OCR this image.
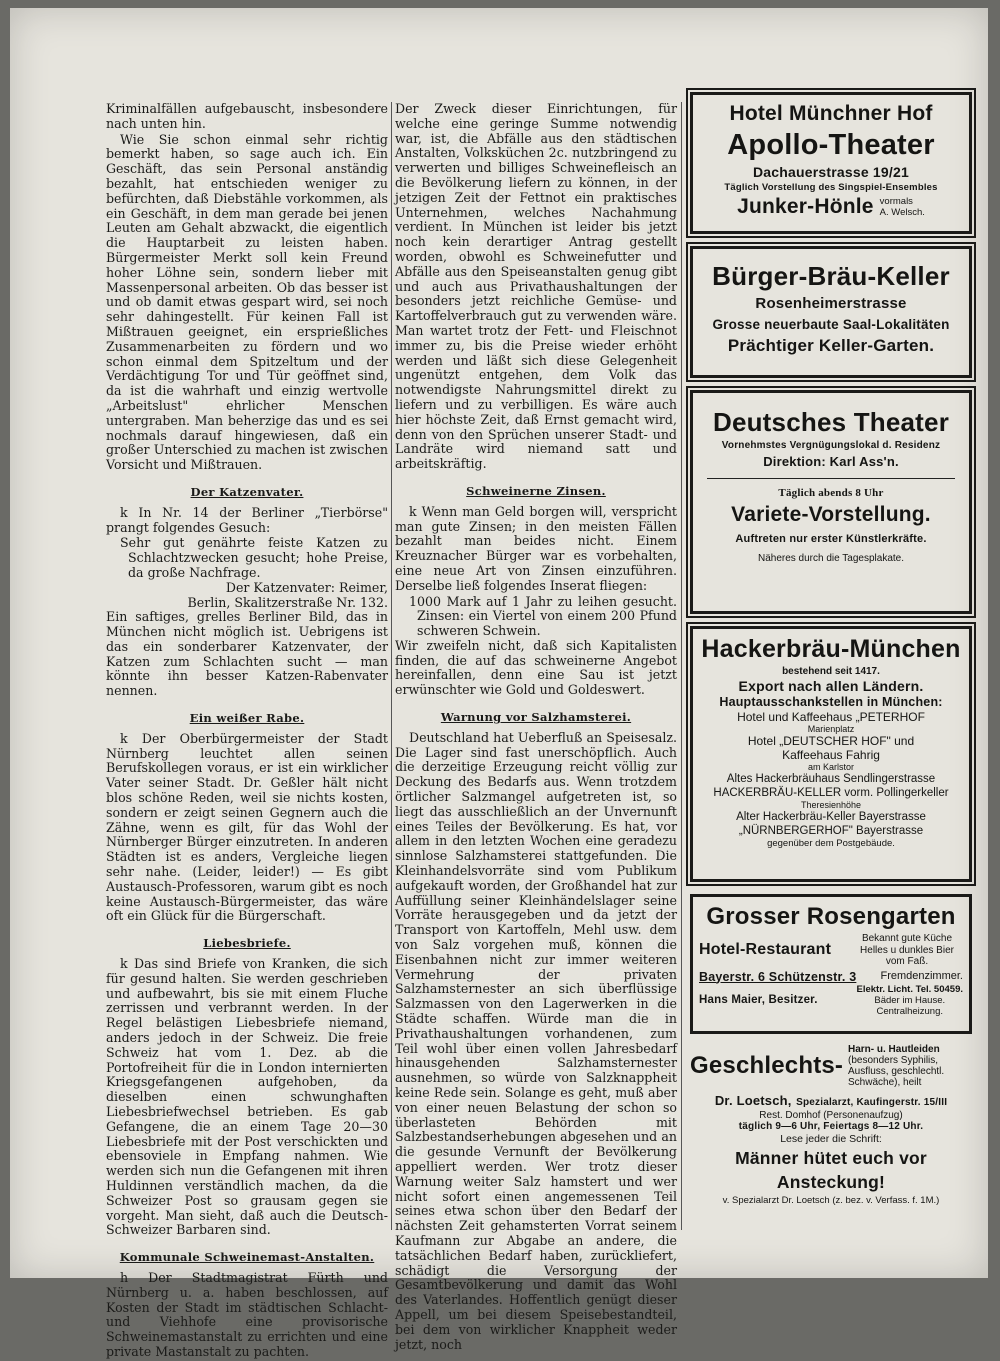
Kriminalfällen aufgebauscht, insbesondere nach unten hin.

Wie Sie schon einmal sehr richtig bemerkt haben, so sage auch ich. Ein Geschäft, das sein Personal anständig bezahlt, hat entschieden weniger zu befürchten, daß Diebstähle vorkommen, als ein Geschäft, in dem man gerade bei jenen Leuten am Gehalt abzwackt, die eigentlich die Hauptarbeit zu leisten haben. Bürgermeister Merkt soll kein Freund hoher Löhne sein, sondern lieber mit Massenpersonal arbeiten. Ob das besser ist und ob damit etwas gespart wird, sei noch sehr dahingestellt. Für keinen Fall ist Mißtrauen geeignet, ein ersprießliches Zusammenarbeiten zu fördern und wo schon einmal dem Spitzeltum und der Verdächtigung Tor und Tür geöffnet sind, da ist die wahrhaft und einzig wertvolle „Arbeitslust" ehrlicher Menschen untergraben. Man beherzige das und es sei nochmals darauf hingewiesen, daß ein großer Unterschied zu machen ist zwischen Vorsicht und Mißtrauen.

Der Katzenvater.

k In Nr. 14 der Berliner „Tierbörse" prangt folgendes Gesuch:

Sehr gut genährte feiste Katzen zu Schlachtzwecken gesucht; hohe Preise, da große Nachfrage.

Der Katzenvater: Reimer,

Berlin, Skalitzerstraße Nr. 132.

Ein saftiges, grelles Berliner Bild, das in München nicht möglich ist. Uebrigens ist das ein sonderbarer Katzenvater, der Katzen zum Schlachten sucht — man könnte ihn besser Katzen-Rabenvater nennen.

Ein weißer Rabe.

k Der Oberbürgermeister der Stadt Nürnberg leuchtet allen seinen Berufskollegen voraus, er ist ein wirklicher Vater seiner Stadt. Dr. Geßler hält nicht blos schöne Reden, weil sie nichts kosten, sondern er zeigt seinen Gegnern auch die Zähne, wenn es gilt, für das Wohl der Nürnberger Bürger einzutreten. In anderen Städten ist es anders, Vergleiche liegen sehr nahe. (Leider, leider!) — Es gibt Austausch-Professoren, warum gibt es noch keine Austausch-Bürgermeister, das wäre oft ein Glück für die Bürgerschaft.

Liebesbriefe.

k Das sind Briefe von Kranken, die sich für gesund halten. Sie werden geschrieben und aufbewahrt, bis sie mit einem Fluche zerrissen und verbrannt werden. In der Regel belästigen Liebesbriefe niemand, anders jedoch in der Schweiz. Die freie Schweiz hat vom 1. Dez. ab die Portofreiheit für die in London internierten Kriegsgefangenen aufgehoben, da dieselben einen schwunghaften Liebesbriefwechsel betrieben. Es gab Gefangene, die an einem Tage 20—30 Liebesbriefe mit der Post verschickten und ebensoviele in Empfang nahmen. Wie werden sich nun die Gefangenen mit ihren Huldinnen verständlich machen, da die Schweizer Post so grausam gegen sie vorgeht. Man sieht, daß auch die Deutsch-Schweizer Barbaren sind.

Kommunale Schweinemast-Anstalten.

h Der Stadtmagistrat Fürth und Nürnberg u. a. haben beschlossen, auf Kosten der Stadt im städtischen Schlacht- und Viehhofe eine provisorische Schweinemastanstalt zu errichten und eine private Mastanstalt zu pachten.

Der Zweck dieser Einrichtungen, für welche eine geringe Summe notwendig war, ist, die Abfälle aus den städtischen Anstalten, Volksküchen 2c. nutzbringend zu verwerten und billiges Schweinefleisch an die Bevölkerung liefern zu können, in der jetzigen Zeit der Fettnot ein praktisches Unternehmen, welches Nachahmung verdient. In München ist leider bis jetzt noch kein derartiger Antrag gestellt worden, obwohl es Schweinefutter und Abfälle aus den Speiseanstalten genug gibt und auch aus Privathaushaltungen der besonders jetzt reichliche Gemüse- und Kartoffelverbrauch gut zu verwenden wäre. Man wartet trotz der Fett- und Fleischnot immer zu, bis die Preise wieder erhöht werden und läßt sich diese Gelegenheit ungenützt entgehen, dem Volk das notwendigste Nahrungsmittel direkt zu liefern und zu verbilligen. Es wäre auch hier höchste Zeit, daß Ernst gemacht wird, denn von den Sprüchen unserer Stadt- und Landräte wird niemand satt und arbeitskräftig.

Schweinerne Zinsen.

k Wenn man Geld borgen will, verspricht man gute Zinsen; in den meisten Fällen bezahlt man beides nicht. Einem Kreuznacher Bürger war es vorbehalten, eine neue Art von Zinsen einzuführen. Derselbe ließ folgendes Inserat fliegen:

1000 Mark auf 1 Jahr zu leihen gesucht. Zinsen: ein Viertel von einem 200 Pfund schweren Schwein.

Wir zweifeln nicht, daß sich Kapitalisten finden, die auf das schweinerne Angebot hereinfallen, denn eine Sau ist jetzt erwünschter wie Gold und Goldeswert.

Warnung vor Salzhamsterei.

Deutschland hat Ueberfluß an Speisesalz. Die Lager sind fast unerschöpflich. Auch die derzeitige Erzeugung reicht völlig zur Deckung des Bedarfs aus. Wenn trotzdem örtlicher Salzmangel aufgetreten ist, so liegt das ausschließlich an der Unvernunft eines Teiles der Bevölkerung. Es hat, vor allem in den letzten Wochen eine geradezu sinnlose Salzhamsterei stattgefunden. Die Kleinhandelsvorräte sind vom Publikum aufgekauft worden, der Großhandel hat zur Auffüllung seiner Kleinhändelslager seine Vorräte herausgegeben und da jetzt der Transport von Kartoffeln, Mehl usw. dem von Salz vorgehen muß, können die Eisenbahnen nicht zur immer weiteren Vermehrung der privaten Salzhamsternester an sich überflüssige Salzmassen von den Lagerwerken in die Städte schaffen. Würde man die in Privathaushaltungen vorhandenen, zum Teil wohl über einen vollen Jahresbedarf hinausgehenden Salzhamsternester ausnehmen, so würde von Salzknappheit keine Rede sein. Solange es geht, muß aber von einer neuen Belastung der schon so überlasteten Behörden mit Salzbestandserhebungen abgesehen und an die gesunde Vernunft der Bevölkerung appelliert werden. Wer trotz dieser Warnung weiter Salz hamstert und wer nicht sofort einen angemessenen Teil seines etwa schon über den Bedarf der nächsten Zeit gehamsterten Vorrat seinem Kaufmann zur Abgabe an andere, die tatsächlichen Bedarf haben, zurückliefert, schädigt die Versorgung der Gesamtbevölkerung und damit das Wohl des Vaterlandes. Hoffentlich genügt dieser Appell, um bei diesem Speisebestandteil, bei dem von wirklicher Knappheit weder jetzt, noch

Hotel Münchner Hof
Apollo-Theater
Dachauerstrasse 19/21
Täglich Vorstellung des Singspiel-Ensembles
Junker-Hönle vormals
A. Welsch.
Bürger-Bräu-Keller
Rosenheimerstrasse
Grosse neuerbaute Saal-Lokalitäten
Prächtiger Keller-Garten.
Deutsches Theater
Vornehmstes Vergnügungslokal d. Residenz
Direktion: Karl Ass'n.
Täglich abends 8 Uhr
Variete-Vorstellung.
Auftreten nur erster Künstlerkräfte.
Näheres durch die Tagesplakate.
Hackerbräu-München
bestehend seit 1417.
Export nach allen Ländern.
Hauptausschankstellen in München:
Hotel und Kaffeehaus „PETERHOF
Marienplatz
Hotel „DEUTSCHER HOF" und
Kaffeehaus Fahrig
am Karlstor
Altes Hackerbräuhaus Sendlingerstrasse
HACKERBRÄU-KELLER vorm. Pollingerkeller
Theresienhöhe
Alter Hackerbräu-Keller Bayerstrasse
„NÜRNBERGERHOF" Bayerstrasse
gegenüber dem Postgebäude.
Grosser Rosengarten
Hotel-Restaurant
Bekannt gute Küche
Helles u dunkles Bier vom Faß.
Bayerstr. 6 Schützenstr. 3 Fremdenzimmer.
Hans Maier, Besitzer.
Elektr. Licht. Tel. 50459.
Bäder im Hause.
Centralheizung.
Geschlechts-
Harn- u. Hautleiden
(besonders Syphilis, Ausfluss, geschlechtl. Schwäche), heilt
Dr. Loetsch, Spezialarzt, Kaufingerstr. 15/III
Rest. Domhof (Personenaufzug)
täglich 9—6 Uhr, Feiertags 8—12 Uhr.
Lese jeder die Schrift:
Männer hütet euch vor Ansteckung!
v. Spezialarzt Dr. Loetsch (z. bez. v. Verfass. f. 1M.)
